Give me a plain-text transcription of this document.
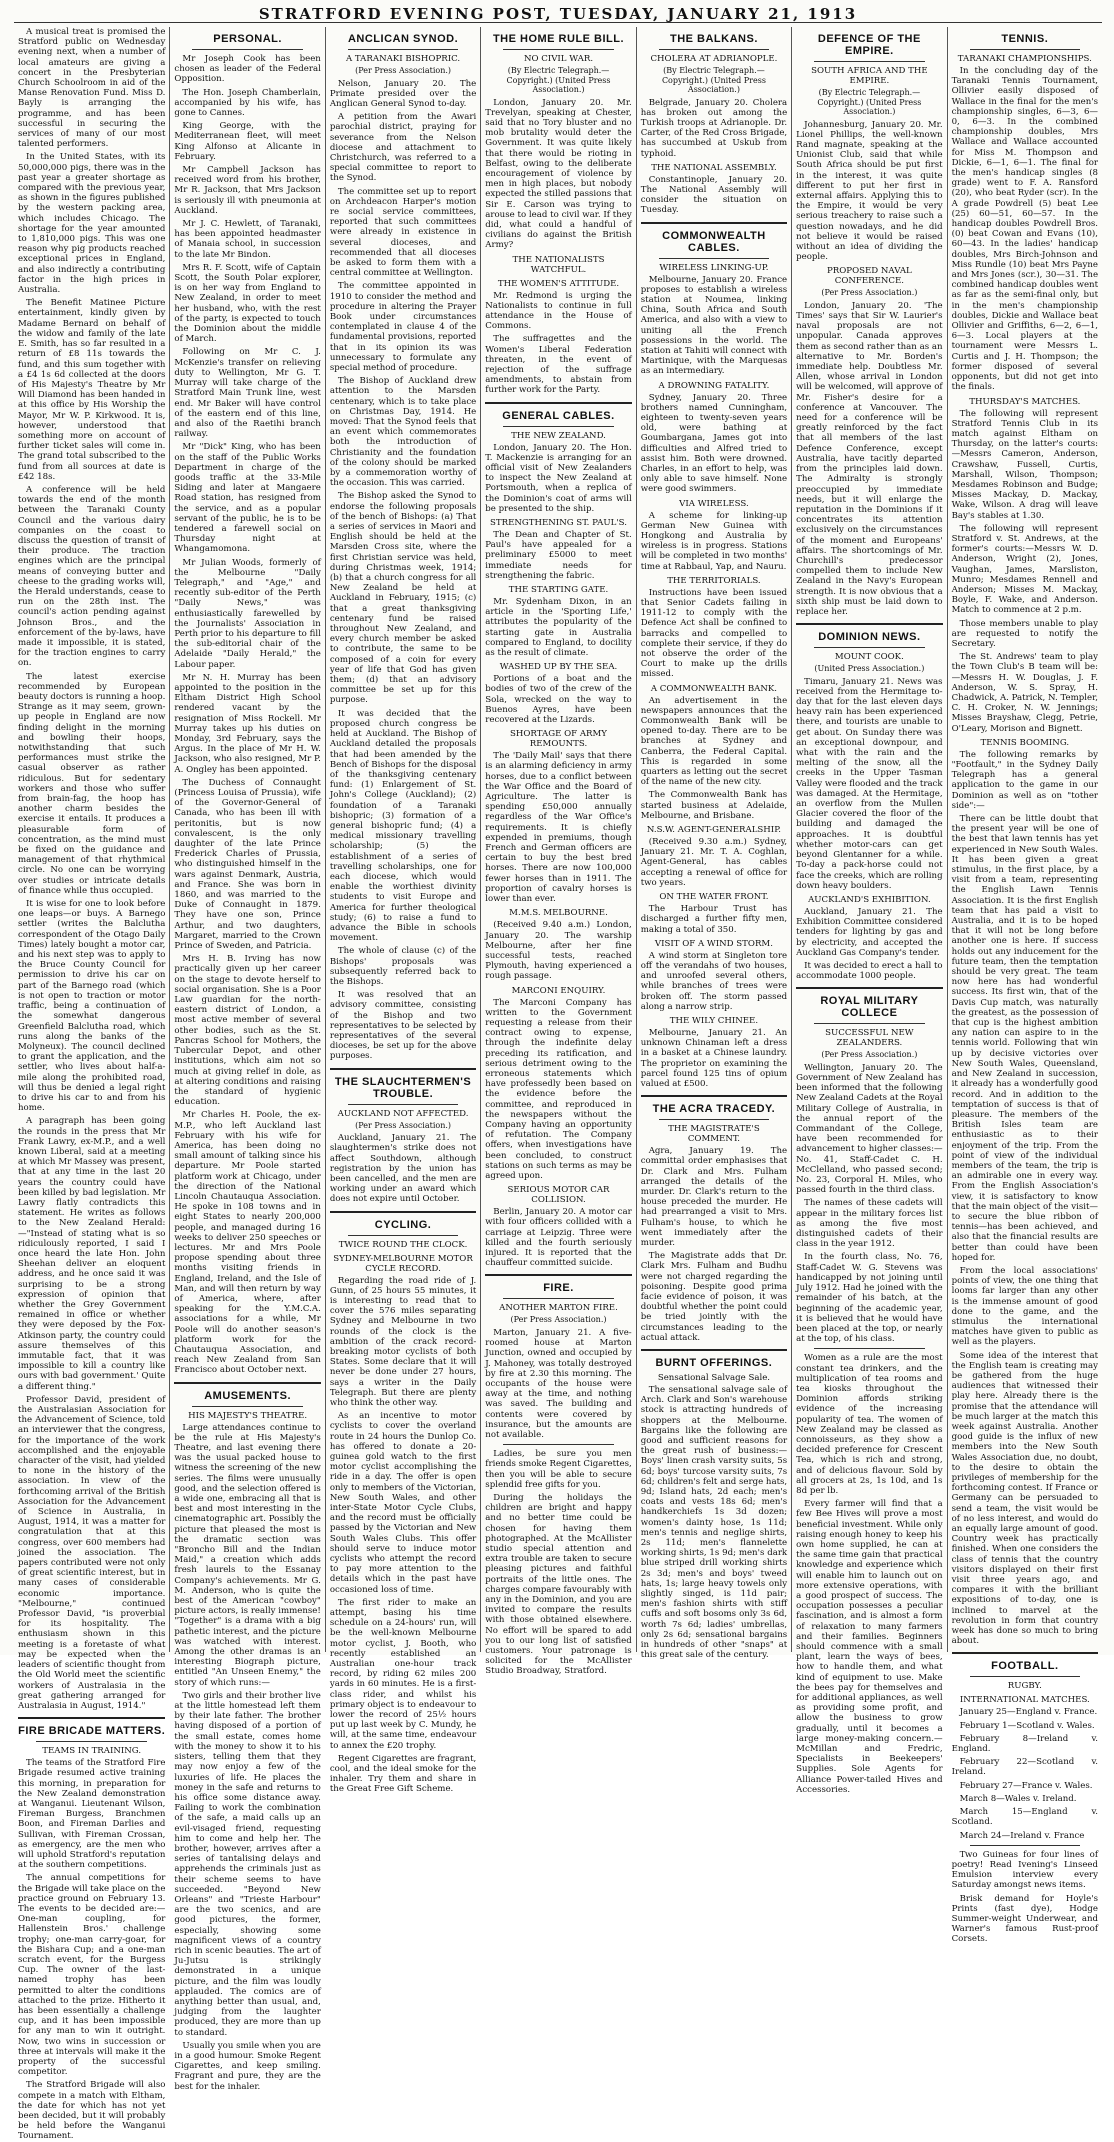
STRATFORD EVENING POST, TUESDAY, JANUARY 21, 1913

A musical treat is promised the Stratford public on Wednesday evening next, when a number of local amateurs are giving a concert in the Presbyterian Church Schoolroom in aid of the Manse Renovation Fund. Miss D. Bayly is arranging the programme, and has been successful in securing the services of many of our most talented performers.

In the United States, with its 50,000,000 pigs, there was in the past year a greater shortage as compared with the previous year, as shown in the figures published by the western packing area, which includes Chicago. The shortage for the year amounted to 1,810,000 pigs. This was one reason why pig products reached exceptional prices in England, and also indirectly a contributing factor in the high prices in Australia.

The Benefit Matinee Picture entertainment, kindly given by Madame Bernard on behalf of the widow and family of the late E. Smith, has so far resulted in a return of £8 11s towards the fund, and this sum together with a £4 1s 6d collected at the doors of His Majesty's Theatre by Mr Will Diamond has been handed in at this office by His Worship the Mayor, Mr W. P. Kirkwood. It is, however, understood that something more on account of further ticket sales will come in. The grand total subscribed to the fund from all sources at date is £42 18s.

A conference will be held towards the end of the month between the Taranaki County Council and the various dairy companies on the coast to discuss the question of transit of their produce. The traction engines which are the principal means of conveying butter and cheese to the grading works will, the Herald understands, cease to run on the 28th inst. The council's action pending against Johnson Bros., and the enforcement of the by-laws, have made it impossible, it is stated, for the traction engines to carry on.

The latest exercise recommended by European beauty doctors is running a hoop. Strange as it may seem, grown-up people in England are now finding delight in the morning and bowling their hoops, notwithstanding that such performances must strike the casual observer as rather ridiculous. But for sedentary workers and those who suffer from brain-fag, the hoop has another charm besides the exercise it entails. It produces a pleasurable form of concentration, as the mind must be fixed on the guidance and management of that rhythmical circle. No one can be worrying over studies or intricate details of finance while thus occupied.

It is wise for one to look before one leaps—or buys. A Barnego settler (writes the Balclutha correspondent of the Otago Daily Times) lately bought a motor car, and his next step was to apply to the Bruce County Council for permission to drive his car on part of the Barnego road (which is not open to traction or motor traffic, being a continuation of the somewhat dangerous Greenfield Balclutha road, which runs along the banks of the Molyneux). The council declined to grant the application, and the settler, who lives about half-a-mile along the prohibited road, will thus be denied a legal right to drive his car to and from his home.

A paragraph has been going the rounds in the press that Mr Frank Lawry, ex-M.P., and a well known Liberal, said at a meeting at which Mr Massey was present, that at any time in the last 20 years the country could have been killed by bad legislation. Mr Lawry flatly contradicts this statement. He writes as follows to the New Zealand Herald:—"Instead of stating what is so ridiculously reported, I said I once heard the late Hon. John Sheehan deliver an eloquent address, and he once said it was surprising to be a strong expression of opinion that whether the Grey Government remained in office or whether they were deposed by the Fox-Atkinson party, the country could assure themselves of this immutable fact, that it was impossible to kill a country like ours with bad government.' Quite a different thing."

Professor David, president of the Australasian Association for the Advancement of Science, told an interviewer that the congress, for the importance of the work accomplished and the enjoyable character of the visit, had yielded to none in the history of the association. In view of the forthcoming arrival of the British Association for the Advancement of Science in Australia, in August, 1914, it was a matter for congratulation that at this congress, over 600 members had joined the association. The papers contributed were not only of great scientific interest, but in many cases of considerable economic importance. "Melbourne," continued Professor David, "is proverbial for its hospitality. The enthusiasm shown in this meeting is a foretaste of what may be expected when the leaders of scientific thought from the Old World meet the scientific workers of Australasia in the great gathering arranged for Australasia in August, 1914."

FIRE BRICADE MATTERS.
TEAMS IN TRAINING.

The teams of the Stratford Fire Brigade resumed active training this morning, in preparation for the New Zealand demonstration at Wanganui. Lieutenant Wilson, Fireman Burgess, Branchmen Boon, and Fireman Darlies and Sullivan, with Fireman Crossan, as emergency, are the men who will uphold Stratford's reputation at the southern competitions.

The annual competitions for the Brigade will take place on the practice ground on February 13. The events to be decided are:— One-man coupling, for Hallenstein Bros.' challenge trophy; one-man carry-goar, for the Bishara Cup; and a one-man scratch event, for the Burgess Cup. The owner of the last-named trophy has been permitted to alter the conditions attached to the prize. Hitherto it has been essentially a challenge cup, and it has been impossible for any man to win it outright. Now, two wins in succession or three at intervals will make it the property of the successful competitor.

The Stratford Brigade will also compete in a match with Eltham, the date for which has not yet been decided, but it will probably be held before the Wanganui Tournament.

PERSONAL.

Mr Joseph Cook has been chosen as leader of the Federal Opposition.

The Hon. Joseph Chamberlain, accompanied by his wife, has gone to Cannes.

King George, with the Mediterranean fleet, will meet King Alfonso at Alicante in February.

Mr Campbell Jackson has received word from his brother, Mr R. Jackson, that Mrs Jackson is seriously ill with pneumonia at Auckland.

Mr J. C. Hewlett, of Taranaki, has been appointed headmaster of Manaia school, in succession to the late Mr Bindon.

Mrs R. F. Scott, wife of Captain Scott, the South Polar explorer, is on her way from England to New Zealand, in order to meet her husband, who, with the rest of the party, is expected to touch the Dominion about the middle of March.

Following on Mr C. J. McKenzie's transfer on relieving duty to Wellington, Mr G. T. Murray will take charge of the Stratford Main Trunk line, west end. Mr Baker will have control of the eastern end of this line, and also of the Raetihi branch railway.

Mr "Dick" King, who has been on the staff of the Public Works Department in charge of the goods traffic at the 33-Mile Siding and later at Mangaere Road station, has resigned from the service, and as a popular servant of the public, he is to be tendered a farewell social on Thursday night at Whangamomona.

Mr Julian Woods, formerly of the Melbourne "Daily Telegraph," and "Age," and recently sub-editor of the Perth "Daily News," was enthusiastically farewelled by the Journalists' Association in Perth prior to his departure to fill the sub-editorial chair of the Adelaide "Daily Herald," the Labour paper.

Mr N. H. Murray has been appointed to the position in the Eltham District High School rendered vacant by the resignation of Miss Rockell. Mr Murray takes up his duties on Monday, 3rd February, says the Argus. In the place of Mr H. W. Jackson, who also resigned, Mr P. A. Ongley has been appointed.

The Duchess of Connaught (Princess Louisa of Prussia), wife of the Governor-General of Canada, who has been ill with peritonitis, but is now convalescent, is the only daughter of the late Prince Frederick Charles of Prussia, who distinguished himself in the wars against Denmark, Austria, and France. She was born in 1860, and was married to the Duke of Connaught in 1879. They have one son, Prince Arthur, and two daughters, Margaret, married to the Crown Prince of Sweden, and Patricia.

Mrs H. B. Irving has now practically given up her career on the stage to devote herself to social organisation. She is a Poor Law guardian for the north-eastern district of London, a most active member of several other bodies, such as the St. Pancras School for Mothers, the Tubercular Depot, and other institutions, which aim not so much at giving relief in dole, as at altering conditions and raising the standard of hygienic education.

Mr Charles H. Poole, the ex-M.P., who left Auckland last February with his wife for America, has been doing no small amount of talking since his departure. Mr Poole started platform work at Chicago, under the direction of the National Lincoln Chautauqua Association. He spoke in 108 towns and in eight States to nearly 200,000 people, and managed during 16 weeks to deliver 250 speeches or lectures. Mr and Mrs Poole propose spending about three months visiting friends in England, Ireland, and the Isle of Man, and will then return by way of America, where, after speaking for the Y.M.C.A. associations for a while, Mr Poole will do another season's platform work for the Chautauqua Association, and reach New Zealand from San Francisco about October next.

AMUSEMENTS.
HIS MAJESTY'S THEATRE.

Large attendances continue to be the rule at His Majesty's Theatre, and last evening there was the usual packed house to witness the screening of the new series. The films were unusually good, and the selection offered is a wide one, embracing all that is best and most interesting in the cinematographic art. Possibly the picture that pleased the most is the dramatic section was "Broncho Bill and the Indian Maid," a creation which adds fresh laurels to the Essanay Company's achievements. Mr G. M. Anderson, who is quite the best of the American "cowboy" picture actors, is really immense! "Together" is a drama with a big pathetic interest, and the picture was watched with interest. Among the other dramas is an interesting Biograph picture, entitled "An Unseen Enemy," the story of which runs:—

Two girls and their brother live at the little homestead left them by their late father. The brother having disposed of a portion of the small estate, comes home with the money to show it to his sisters, telling them that they may now enjoy a few of the luxuries of life. He places the money in the safe and returns to his office some distance away. Failing to work the combination of the safe, a maid calls up an evil-visaged friend, requesting him to come and help her. The brother, however, arrives after a series of tantalising delays and apprehends the criminals just as their scheme seems to have succeeded. "Beyond New Orleans" and "Trieste Harbour" are the two scenics, and are good pictures, the former, especially, showing some magnificent views of a country rich in scenic beauties. The art of Ju-Jutsu is strikingly demonstrated in a unique picture, and the film was loudly applauded. The comics are of anything better than usual, and, judging from the laughter produced, they are more than up to standard.

Usually you smile when you are in a good humour. Smoke Regent Cigarettes, and keep smiling. Fragrant and pure, they are the best for the inhaler.

ANCLICAN SYNOD.
A TARANAKI BISHOPRIC.
(Per Press Association.)

Nelson, January 20. The Primate presided over the Anglican General Synod to-day.

A petition from the Awari parochial district, praying for severance from the Nelson diocese and attachment to Christchurch, was referred to a special committee to report to the Synod.

The committee set up to report on Archdeacon Harper's motion re social service committees, reported that such committees were already in existence in several dioceses, and recommended that all dioceses be asked to form them with a central committee at Wellington.

The committee appointed in 1910 to consider the method and procedure in altering the Prayer Book under circumstances contemplated in clause 4 of the fundamental provisions, reported that in its opinion its was unnecessary to formulate any special method of procedure.

The Bishop of Auckland drew attention to the Marsden centenary, which is to take place on Christmas Day, 1914. He moved: That the Synod feels that an event which commemorates both the introduction of Christianity and the foundation of the colony should be marked by a commemoration worthy of the occasion. This was carried.

The Bishop asked the Synod to endorse the following proposals of the bench of Bishops: (a) That a series of services in Maori and English should be held at the Marsden Cross site, where the first Christian service was held, during Christmas week, 1914; (b) that a church congress for all New Zealand be held at Auckland in February, 1915; (c) that a great thanksgiving centenary fund be raised throughout New Zealand, and every church member be asked to contribute, the same to be composed of a coin for every year of life that God has given them; (d) that an advisory committee be set up for this purpose.

It was decided that the proposed church congress be held at Auckland. The Bishop of Auckland detailed the proposals that had been amended by the Bench of Bishops for the disposal of the thanksgiving centenary fund: (1) Enlargement of St. John's College (Auckland); (2) foundation of a Taranaki bishopric; (3) formation of a general bishopric fund; (4) a medical missionary travelling scholarship; (5) the establishment of a series of travelling scholarships, one for each diocese, which would enable the worthiest divinity students to visit Europe and America for further theological study; (6) to raise a fund to advance the Bible in schools movement.

The whole of clause (c) of the Bishops' proposals was subsequently referred back to the Bishops.

It was resolved that an advisory committee, consisting of the Bishop and two representatives to be selected by representatives of the several dioceses, be set up for the above purposes.

THE SLAUCHTERMEN'S TROUBLE.
AUCKLAND NOT AFFECTED.
(Per Press Association.)

Auckland, January 21. The slaughtermen's strike does not affect Southdown, although registration by the union has been cancelled, and the men are working under an award which does not expire until October.

CYCLING.
TWICE ROUND THE CLOCK.
SYDNEY-MELBOURNE MOTOR CYCLE RECORD.

Regarding the road ride of J. Gunn, of 25 hours 55 minutes, it is interesting to read that to cover the 576 miles separating Sydney and Melbourne in two rounds of the clock is the ambition of the crack record-breaking motor cyclists of both States. Some declare that it will never be done under 27 hours, says a writer in the Daily Telegraph. But there are plenty who think the other way.

As an incentive to motor cyclists to cover the overland route in 24 hours the Dunlop Co. has offered to donate a 20-guinea gold watch to the first motor cyclist accomplishing the ride in a day. The offer is open only to members of the Victorian, New South Wales, and other inter-State Motor Cycle Clubs, and the record must be officially passed by the Victorian and New South Wales Clubs. This offer should serve to induce motor cyclists who attempt the record to pay more attention to the details which in the past have occasioned loss of time.

The first rider to make an attempt, basing his time schedule on a 24-hours' run, will be the well-known Melbourne motor cyclist, J. Booth, who recently established an Australian one-hour track record, by riding 62 miles 200 yards in 60 minutes. He is a first-class rider, and whilst his primary object is to endeavour to lower the record of 25½ hours put up last week by C. Mundy, he will, at the same time, endeavour to annex the £20 trophy.

Regent Cigarettes are fragrant, cool, and the ideal smoke for the inhaler. Try them and share in the Great Free Gift Scheme.

THE HOME RULE BILL.
NO CIVIL WAR.
(By Electric Telegraph.—Copyright.) (United Press Association.)

London, January 20. Mr. Trevelyan, speaking at Chester, said that no Tory bluster and no mob brutality would deter the Government. It was quite likely that there would be rioting in Belfast, owing to the deliberate encouragement of violence by men in high places, but nobody expected the stilled passions that Sir E. Carson was trying to arouse to lead to civil war. If they did, what could a handful of civilians do against the British Army?

THE NATIONALISTS WATCHFUL.
THE WOMEN'S ATTITUDE.

Mr. Redmond is urging the Nationalists to continue in full attendance in the House of Commons.

The suffragettes and the Women's Liberal Federation threaten, in the event of rejection of the suffrage amendments, to abstain from further work for the Party.

GENERAL CABLES.
THE NEW ZEALAND.

London, January 20. The Hon. T. Mackenzie is arranging for an official visit of New Zealanders to inspect the New Zealand at Portsmouth, when a replica of the Dominion's coat of arms will be presented to the ship.

STRENGTHENING ST. PAUL'S.

The Dean and Chapter of St. Paul's have appealed for a preliminary £5000 to meet immediate needs for strengthening the fabric.

THE STARTING GATE.

Mr. Sydenham Dixon, in an article in the 'Sporting Life,' attributes the popularity of the starting gate in Australia compared to England, to docility as the result of climate.

WASHED UP BY THE SEA.

Portions of a boat and the bodies of two of the crew of the Sola, wrecked on the way to Buenos Ayres, have been recovered at the Lizards.

SHORTAGE OF ARMY REMOUNTS.

The 'Daily Mail' says that there is an alarming deficiency in army horses, due to a conflict between the War Office and the Board of Agriculture. The latter is spending £50,000 annually regardless of the War Office's requirements. It is chiefly expended in premiums, though French and German officers are certain to buy the best bred horses. There are now 100,000 fewer horses than in 1911. The proportion of cavalry horses is lower than ever.

M.M.S. MELBOURNE.

(Received 9.40 a.m.) London, January 20. The warship Melbourne, after her fine successful tests, reached Plymouth, having experienced a rough passage.

MARCONI ENQUIRY.

The Marconi Company has written to the Government requesting a release from their contract owing to expense, through the indefinite delay preceding its ratification, and serious detriment owing to the erroneous statements which have professedly been based on the evidence before the committee, and reproduced in the newspapers without the Company having an opportunity of refutation. The Company offers, when investigations have been concluded, to construct stations on such terms as may be agreed upon.

SERIOUS MOTOR CAR COLLISION.

Berlin, January 20. A motor car with four officers collided with a carriage at Leipzig. Three were killed and the fourth seriously injured. It is reported that the chauffeur committed suicide.

FIRE.
ANOTHER MARTON FIRE.
(Per Press Association.)

Marton, January 21. A five-roomed house at Marton Junction, owned and occupied by J. Mahoney, was totally destroyed by fire at 2.30 this morning. The occupants of the house were away at the time, and nothing was saved. The building and contents were covered by insurance, but the amounts are not available.

Ladies, be sure you men friends smoke Regent Cigarettes, then you will be able to secure splendid free gifts for you.

During the holidays the children are bright and happy and no better time could be chosen for having them photographed. At the McAllister studio special attention and extra trouble are taken to secure pleasing pictures and faithful portraits of the little ones. The charges compare favourably with any in the Dominion, and you are invited to compare the results with those obtained elsewhere. No effort will be spared to add you to our long list of satisfied customers. Your patronage is solicited for the McAllister Studio Broadway, Stratford.

THE BALKANS.
CHOLERA AT ADRIANOPLE.
(By Electric Telegraph.—Copyright.) (United Press Association.)

Belgrade, January 20. Cholera has broken out among the Turkish troops at Adrianople. Dr. Carter, of the Red Cross Brigade, has succumbed at Uskub from typhoid.

THE NATIONAL ASSEMBLY.

Constantinople, January 20. The National Assembly will consider the situation on Tuesday.

COMMONWEALTH CABLES.
WIRELESS LINKING-UP.

Melbourne, January 20. France proposes to establish a wireless station at Noumea, linking China, South Africa and South America, and also with a view to uniting all the French possessions in the world. The station at Tahiti will connect with Martinique, with the Marquesas as an intermediary.

A DROWNING FATALITY.

Sydney, January 20. Three brothers named Cunningham, eighteen to twenty-seven years old, were bathing at Goumbargana, James got into difficulties and Alfred tried to assist him. Both were drowned. Charles, in an effort to help, was only able to save himself. None were good swimmers.

VIA WIRELESS.

A scheme for linking-up German New Guinea with Hongkong and Australia by wireless is in progress. Stations will be completed in two months' time at Rabbaul, Yap, and Nauru.

THE TERRITORIALS.

Instructions have been issued that Senior Cadets failing in 1911-12 to comply with the Defence Act shall be confined to barracks and compelled to complete their service, if they do not observe the order of the Court to make up the drills missed.

A COMMONWEALTH BANK.

An advertisement in the newspapers announces that the Commonwealth Bank will be opened to-day. There are to be branches at Sydney and Canberra, the Federal Capital. This is regarded in some quarters as letting out the secret of the name of the new city.

The Commonwealth Bank has started business at Adelaide, Melbourne, and Brisbane.

N.S.W. AGENT-GENERALSHIP.

(Received 9.30 a.m.) Sydney, January 21. Mr. T. A. Coghlan, Agent-General, has cables accepting a renewal of office for two years.

ON THE WATER FRONT.

The Harbour Trust has discharged a further fifty men, making a total of 350.

VISIT OF A WIND STORM.

A wind storm at Singleton tore off the verandahs of two houses, and unroofed several others, while branches of trees were broken off. The storm passed along a narrow strip.

THE WILY CHINEE.

Melbourne, January 21. An unknown Chinaman left a dress in a basket at a Chinese laundry. The proprietor on examining the parcel found 125 tins of opium valued at £500.

THE ACRA TRACEDY.
THE MAGISTRATE'S COMMENT.

Agra, January 19. The committal order emphasises that Dr. Clark and Mrs. Fulham arranged the details of the murder. Dr. Clark's return to the house preceded the murder. He had prearranged a visit to Mrs. Fulham's house, to which he went immediately after the murder.

The Magistrate adds that Dr. Clark Mrs. Fulham and Budhu were not charged regarding the poisoning. Despite good prima facie evidence of poison, it was doubtful whether the point could be tried jointly with the circumstances leading to the actual attack.

BURNT OFFERINGS.
Sensational Salvage Sale.

The sensational salvage sale of Arch. Clark and Son's warehouse stock is attracting hundreds of shoppers at the Melbourne. Bargains like the following are good and sufficient reasons for the great rush of business:—Boys' linen crash varsity suits, 5s 6d; boys' turcose varsity suits, 7s 6d; children's felt and serge hats, 9d; Island hats, 2d each; men's coats and vests 18s 6d; men's handkerchiefs 1s 3d dozen; women's dainty hose, 1s 11d; men's tennis and neglige shirts, 2s 11d; men's flannelette working shirts, 1s 9d; men's dark blue striped drill working shirts 2s 3d; men's and boys' tweed hats, 1s; large heavy towels only slightly singed, is 11d pair; men's fashion shirts with stiff cuffs and soft bosoms only 3s 6d, worth 7s 6d; ladies' umbrellas, only 2s 6d; sensational bargains in hundreds of other "snaps" at this great sale of the century.

DEFENCE OF THE EMPIRE.
SOUTH AFRICA AND THE EMPIRE.
(By Electric Telegraph.—Copyright.) (United Press Association.)

Johannesburg, January 20. Mr. Lionel Phillips, the well-known Rand magnate, speaking at the Unionist Club, said that while South Africa should be put first in the interest, it was quite different to put her first in external affairs. Applying this to the Empire, it would be very serious treachery to raise such a question nowadays, and he did not believe it would be raised without an idea of dividing the people.

PROPOSED NAVAL CONFERENCE.
(Per Press Association.)

London, January 20. 'The Times' says that Sir W. Laurier's naval proposals are not unpopular. Canada approves them as second rather than as an alternative to Mr. Borden's immediate help. Doubtless Mr. Allen, whose arrival in London will be welcomed, will approve of Mr. Fisher's desire for a conference at Vancouver. The need for a conference will be greatly reinforced by the fact that all members of the last Defence Conference, except Australia, have tacitly departed from the principles laid down. The Admiralty is strongly preoccupied by immediate needs, but it will enlarge the reputation in the Dominions if it concentrates its attention exclusively on the circumstances of the moment and Europeans' affairs. The shortcomings of Mr. Churchill's predecessor compelled them to include New Zealand in the Navy's European strength. It is now obvious that a sixth ship must be laid down to replace her.

DOMINION NEWS.
MOUNT COOK.
(United Press Association.)

Timaru, January 21. News was received from the Hermitage to-day that for the last eleven days heavy rain has been experienced there, and tourists are unable to get about. On Sunday there was an exceptional downpour, and what with the rain and the melting of the snow, all the creeks in the Upper Tasman Valley were flooded and the track was damaged. At the Hermitage, an overflow from the Mullen Glacier covered the floor of the building and damaged the approaches. It is doubtful whether motor-cars can get beyond Glentanner for a while. To-day a pack-horse could not face the creeks, which are rolling down heavy boulders.

AUCKLAND'S EXHIBITION.

Auckland, January 21. The Exhibition Committee considered tenders for lighting by gas and by electricity, and accepted the Auckland Gas Company's tender.

It was decided to erect a hall to accommodate 1000 people.

ROYAL MILITARY COLLECE
SUCCESSFUL NEW ZEALANDERS.
(Per Press Association.)

Wellington, January 20. The Government of New Zealand has been informed that the following New Zealand Cadets at the Royal Military College of Australia, in the annual report of the Commandant of the College, have been recommended for advancement to higher classes:—No. 41, Staff-Cadet C. H. McClelland, who passed second; No. 23, Corporal H. Miles, who passed fourth in the third class.

The names of these cadets will appear in the military forces list as among the five most distinguished cadets of their class in the year 1912.

In the fourth class, No. 76, Staff-Cadet W. G. Stevens was handicapped by not joining until July 1912. Had he joined with the remainder of his batch, at the beginning of the academic year, it is believed that he would have been placed at the top, or nearly at the top, of his class.

Women as a rule are the most constant tea drinkers, and the multiplication of tea rooms and tea kiosks throughout the Dominion affords striking evidence of the increasing popularity of tea. The women of New Zealand may be classed as connoisseurs, as they show a decided preference for Crescent Tea, which is rich and strong, and of delicious flavour. Sold by all grocers at 2s, 1s 10d, and 1s 8d per lb.

Every farmer will find that a few Bee Hives will prove a most beneficial investment. While only raising enough honey to keep his own home supplied, he can at the same time gain that practical knowledge and experience which will enable him to launch out on more extensive operations, with a good prospect of success. The occupation possesses a peculiar fascination, and is almost a form of relaxation to many farmers and their families. Beginners should commence with a small plant, learn the ways of bees, how to handle them, and what kind of equipment to use. Make the bees pay for themselves and for additional appliances, as well as providing some profit, and allow the business to grow gradually, until it becomes a large money-making concern.—McMillan and Fredric, Specialists in Beekeepers' Supplies. Sole Agents for Alliance Power-tailed Hives and Accessories.

TENNIS.
TARANAKI CHAMPIONSHIPS.

In the concluding day of the Taranaki Tennis Tournament, Ollivier easily disposed of Wallace in the final for the men's championship singles, 6—3, 6—0, 6—3. In the combined championship doubles, Mrs Wallace and Wallace accounted for Miss M. Thompson and Dickie, 6—1, 6—1. The final for the men's handicap singles (8 grade) went to F. A. Ransford (20), who beat Ryder (scr). In the A grade Powdrell (5) beat Lee (25) 60—51, 60—57. In the handicap doubles Powdrell Bros. (0) beat Cowan and Evans (10), 60—43. In the ladies' handicap doubles, Mrs Birch-Johnson and Miss Rundle (10) beat Mrs Payne and Mrs Jones (scr.), 30—31. The combined handicap doubles went as far as the semi-final only, but in the men's championship doubles, Dickie and Wallace beat Ollivier and Griffiths, 6—2, 6—1, 6—3. Local players at the tournament were Messrs L. Curtis and J. H. Thompson; the former disposed of several opponents, but did not get into the finals.

THURSDAY'S MATCHES.

The following will represent Stratford Tennis Club in its match against Eltham on Thursday, on the latter's courts:—Messrs Cameron, Anderson, Crawshaw, Fussell, Curtis, Marshall, Wilson, Thompson; Mesdames Robinson and Budge; Misses Mackay, D. Mackay, Wake, Wilson. A drag will leave Bay's stables at 1.30.

The following will represent Stratford v. St. Andrews, at the former's courts:—Messrs W. D. Anderson, Wright (2), Jones, Vaughan, James, Marsliston, Munro; Mesdames Rennell and Anderson; Misses M. Mackay, Boyle, F. Wake, and Anderson. Match to commence at 2 p.m.

Those members unable to play are requested to notify the Secretary.

The St. Andrews' team to play the Town Club's B team will be:—Messrs H. W. Douglas, J. F. Anderson, W. S. Spray, H. Chadwick, A. Patrick, N. Templer, C. H. Croker, N. W. Jennings; Misses Brayshaw, Clegg, Petrie, O'Leary, Morison and Bignett.

TENNIS BOOMING.

The following remarks by "Footfault," in the Sydney Daily Telegraph has a general application to the game in our Dominion as well as on "tother side":—

There can be little doubt that the present year will be one of the best that lawn tennis has yet experienced in New South Wales. It has been given a great stimulus, in the first place, by a visit from a team, representing the English Lawn Tennis Association. It is the first English team that has paid a visit to Australia, and it is to be hoped that it will not be long before another one is here. If success holds out any inducement for the future team, then the temptation should be very great. The team now here has had wonderful success. Its first win, that of the Davis Cup match, was naturally the greatest, as the possession of that cup is the highest ambition any nation can aspire to in the tennis world. Following that win up by decisive victories over New South Wales, Queensland, and New Zealand in succession, it already has a wonderfully good record. And in addition to the temptation of success is that of pleasure. The members of the British Isles team are enthusiastic as to their enjoyment of the trip. From the point of view of the individual members of the team, the trip is an admirable one in every way. From the English Association's view, it is satisfactory to know that the main object of the visit—to secure the blue ribbon of tennis—has been achieved, and also that the financial results are better than could have been hoped for.

From the local associations' points of view, the one thing that looms far larger than any other is the immense amount of good done to the game, and the stimulus the international matches have given to public as well as the players.

Some idea of the interest that the English team is creating may be gathered from the huge audiences that witnessed their play here. Already there is the promise that the attendance will be much larger at the match this week against Australia. Another good guide is the influx of new members into the New South Wales Association due, no doubt, to the desire to obtain the privileges of membership for the forthcoming contest. If France or Germany can be persuaded to send a team, the visit would be of no less interest, and would do an equally large amount of good. Country week has practically finished. When one considers the class of tennis that the country visitors displayed on their first visit three years ago, and compares it with the brilliant expositions of to-day, one is inclined to marvel at the revolution in form that country week has done so much to bring about.

FOOTBALL.
RUGBY.
INTERNATIONAL MATCHES.

January 25—England v. France.

February 1—Scotland v. Wales.

February 8—Ireland v. England.

February 22—Scotland v. Ireland.

February 27—France v. Wales.

March 8—Wales v. Ireland.

March 15—England v. Scotland.

March 24—Ireland v. France

Two Guineas for four lines of poetry! Read Ivening's Linseed Emulsion interview every Saturday amongst news items.

Brisk demand for Hoyle's Prints (fast dye), Hodge Summer-weight Underwear, and Warner's famous Rust-proof Corsets.
